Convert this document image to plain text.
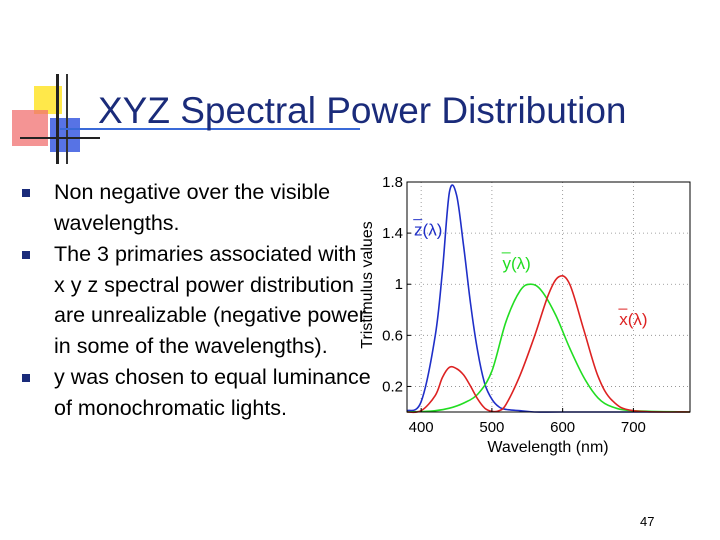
XYZ Spectral Power Distribution
Non negative over the visible wavelengths.
The 3 primaries associated with x y z spectral power distribution are unrealizable (negative power in some of the wavelengths).
y was chosen to equal luminance of monochromatic lights.
400	500	600	700
0.2
0.6
1
1.4
1.8
z(λ)
y(λ)
x(λ)
Wavelength (nm)
Tristimulus values
47
